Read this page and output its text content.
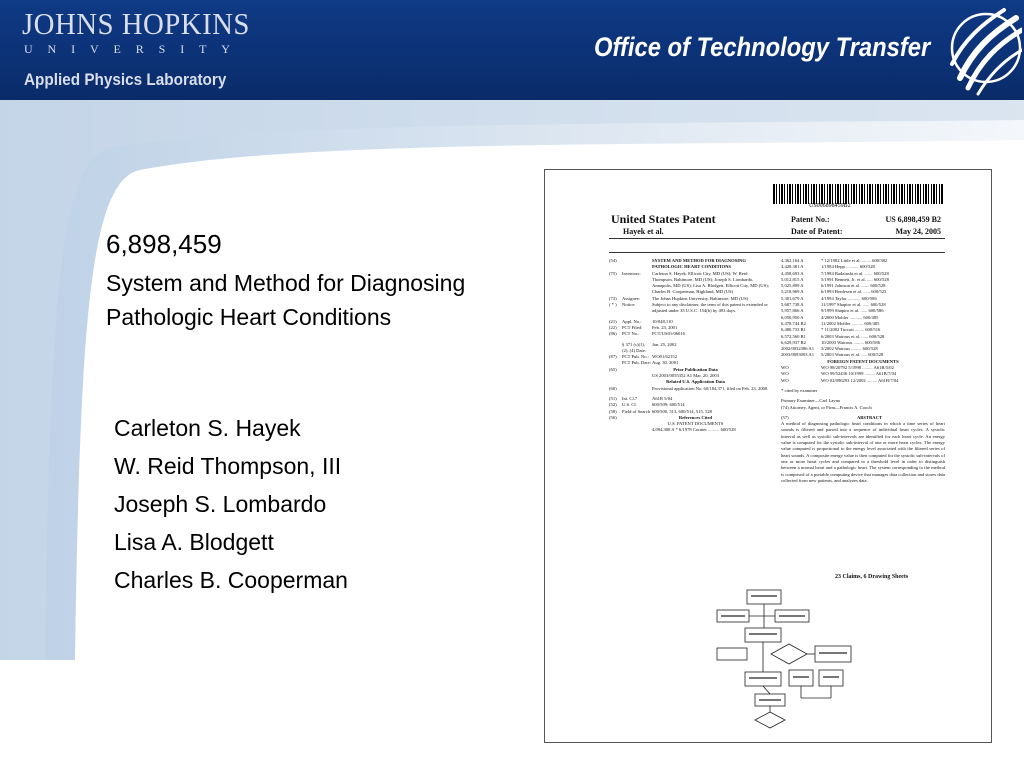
JOHNS HOPKINS
U N I V E R S I T Y
Applied Physics Laboratory
Office of Technology Transfer
6,898,459
System and Method for Diagnosing Pathologic Heart Conditions
Carleton S. Hayek
W. Reid Thompson, III
Joseph S. Lombardo
Lisa A. Blodgett
Charles B. Cooperman
US006898459B2
United States Patent
Hayek et al.
Patent No.:	US 6,898,459 B2
Date of Patent:	May 24, 2005
(54)	SYSTEM AND METHOD FOR DIAGNOSING PATHOLOGIC HEART CONDITIONS
(75)	Inventors:	Carleton S. Hayek, Ellicott City, MD (US); W. Reid Thompson, Baltimore, MD (US); Joseph S. Lombardo, Annapolis, MD (US); Lisa A. Blodgett, Ellicott City, MD (US); Charles B. Cooperman, Highland, MD (US)
(73)	Assignee:	The Johns Hopkins University, Baltimore, MD (US)
( * )	Notice:	Subject to any disclaimer, the term of this patent is extended or adjusted under 35 U.S.C. 154(b) by 493 days.
(21)	Appl. No.:	10/048,110
(22)	PCT Filed:	Feb. 23, 2001
(86)	PCT No.:	PCT/US01/06016
§ 371 (c)(1), (2), (4) Date:
Jan. 25, 2002
(87)	PCT Pub. No.: WO01/62152
PCT Pub. Date: Aug. 30, 2001
(65)	Prior Publication Data
US 2003/0055352 A1 Mar. 20, 2003
Related U.S. Application Data
(60)	Provisional application No. 60/184,371, filed on Feb. 23, 2000.
(51)	Int. Cl.7	A61B 5/04
(52)	U.S. Cl.	600/509; 600/514
(58)	Field of Search 600/500, 513, 600/514, 515, 528
(56)	References Cited
U.S. PATENT DOCUMENTS
4,094,308 A * 6/1978 Cornier .......... 600/528
4,362,164 A	* 12/1982 Little et al. ........ 600/382
4,428,381 A	1/1984 Hepp ........... 600/528
4,458,693 A	7/1984 Badzinski et al. ....... 600/528
5,012,815 A	5/1991 Bennett, Jr. et al. ..... 600/528
5,025,809 A	6/1991 Johnson et al. ....... 600/528
5,218,969 A	6/1993 Bredesen et al. ...... 600/523
5,301,679 A	4/1994 Taylor ........... 600/586
5,687,738 A	11/1997 Shapiro et al. ...... 600/528
5,957,866 A	9/1999 Shapiro et al. ...... 600/586
6,050,950 A	4/2000 Mohler ........... 600/485
6,478,744 B2	11/2002 Mohler .......... 600/485
6,480,733 B1	* 11/2002 Turcott ........ 600/516
6,572,560 B1	6/2003 Watrous et al. ...... 600/528
6,629,937 B2	10/2003 Watrous ......... 600/586
2002/0032386 A1	3/2002 Watrous ......... 600/528
2003/0093003 A1	5/2003 Watrous et al. ..... 600/528
FOREIGN PATENT DOCUMENTS
WO	WO 98/20792 5/1998 ......... A61B/5/02
WO	WO 99/52436 10/1999 ......... A61B/7/04
WO	WO 02/096293 12/2002 ......... A61B/7/04
* cited by examiner
Primary Examiner—Carl Layno
(74) Attorney, Agent, or Firm—Francis A. Cooch
(57)	ABSTRACT
A method of diagnosing pathologic heart conditions in which a time series of heart sounds is filtered and parsed into a sequence of individual heart cycles. A systolic interval as well as systolic sub-intervals are identified for each heart cycle. An energy value is computed for the systolic sub-interval of one or more heart cycles. The energy value computed is proportional to the energy level associated with the filtered series of heart sounds. A composite energy value is then computed for the systolic sub-intervals of one or more heart cycles and compared to a threshold level in order to distinguish between a normal heart and a pathologic heart. The system corresponding to the method is comprised of a portable computing device that manages data collection and stores data collected from new patients, and analyzes data.
23 Claims, 6 Drawing Sheets
